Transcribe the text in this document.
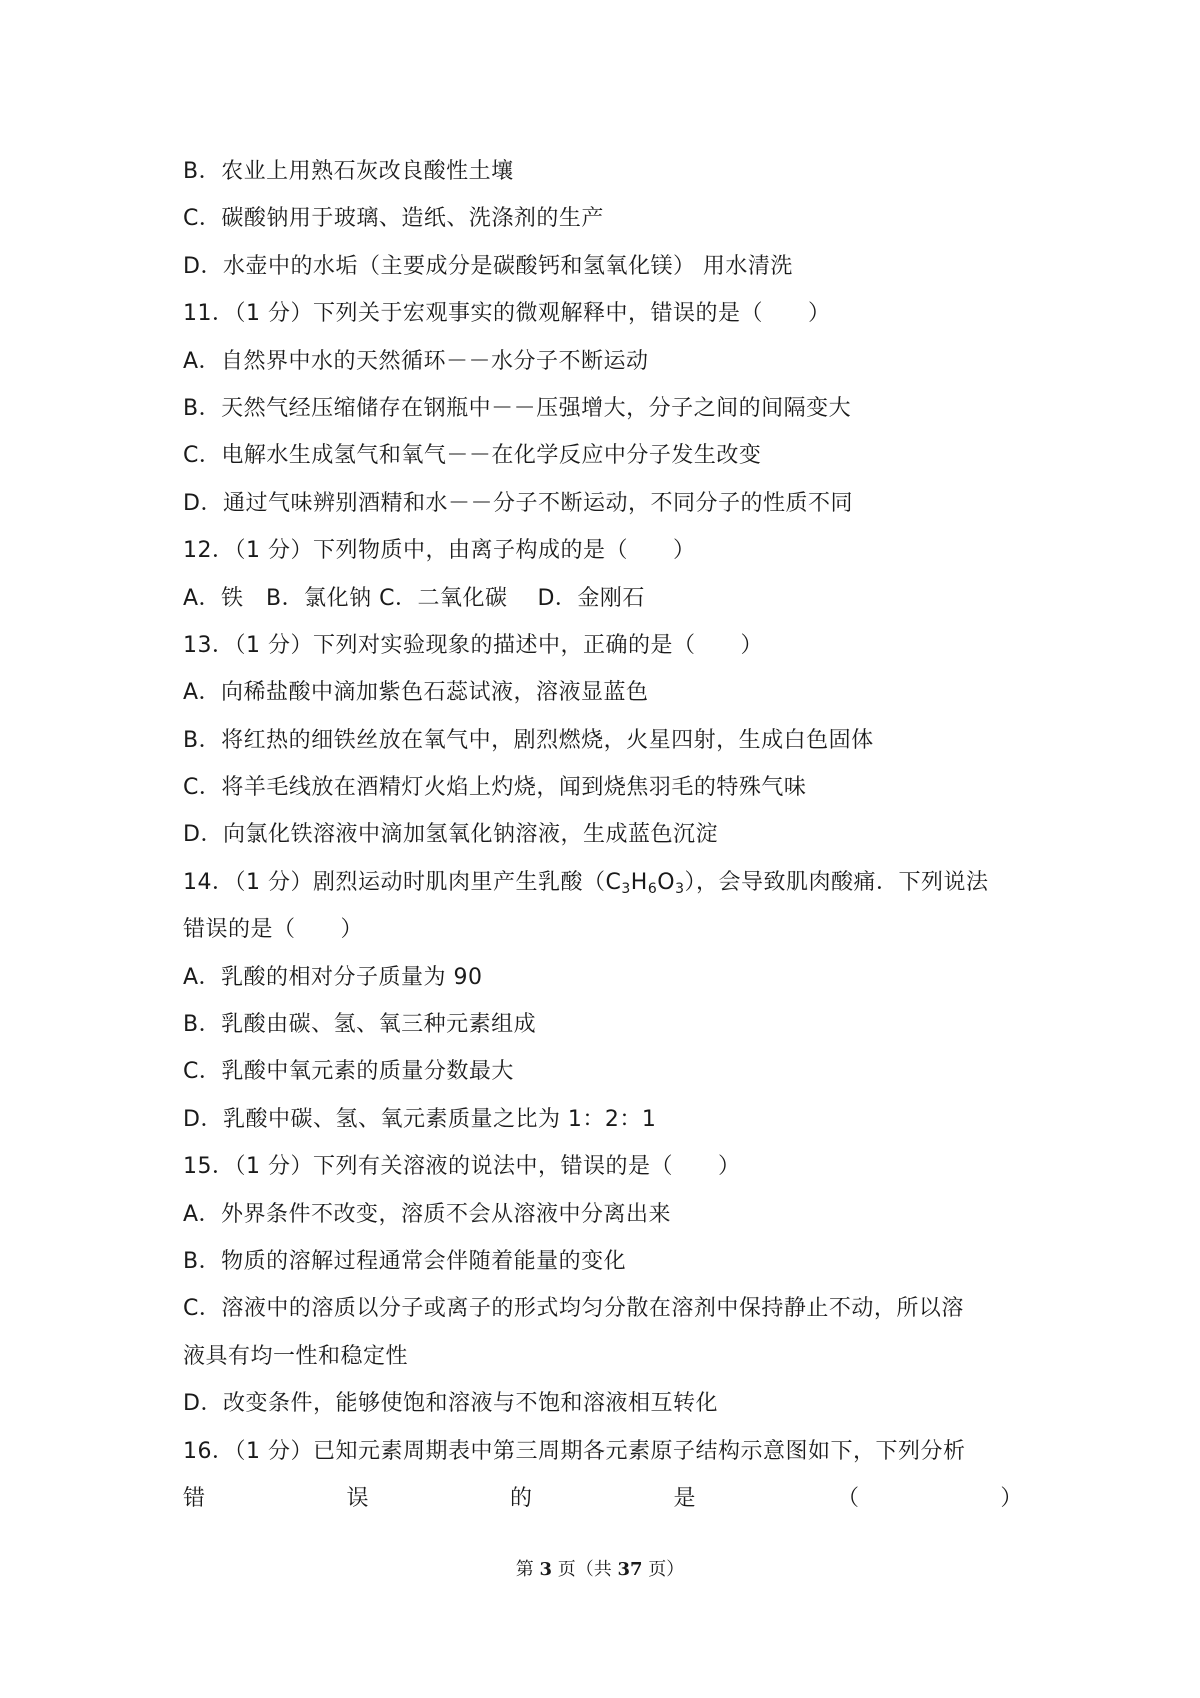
B．农业上用熟石灰改良酸性土壤
C．碳酸钠用于玻璃、造纸、洗涤剂的生产
D．水壶中的水垢（主要成分是碳酸钙和氢氧化镁） 用水清洗
11．（1 分）下列关于宏观事实的微观解释中，错误的是（　　）
A．自然界中水的天然循环－－水分子不断运动
B．天然气经压缩储存在钢瓶中－－压强增大，分子之间的间隔变大
C．电解水生成氢气和氧气－－在化学反应中分子发生改变
D．通过气味辨别酒精和水－－分子不断运动，不同分子的性质不同
12．（1 分）下列物质中，由离子构成的是（　　）
A．铁　B．氯化钠 C．二氧化碳　 D．金刚石
13．（1 分）下列对实验现象的描述中，正确的是（　　）
A．向稀盐酸中滴加紫色石蕊试液，溶液显蓝色
B．将红热的细铁丝放在氧气中，剧烈燃烧，火星四射，生成白色固体
C．将羊毛线放在酒精灯火焰上灼烧，闻到烧焦羽毛的特殊气味
D．向氯化铁溶液中滴加氢氧化钠溶液，生成蓝色沉淀
14．（1 分）剧烈运动时肌肉里产生乳酸$(C_3H_6O_3)$，会导致肌肉酸痛．下列说法
错误的是（　　）
A．乳酸的相对分子质量为 90
B．乳酸由碳、氢、氧三种元素组成
C．乳酸中氧元素的质量分数最大
D．乳酸中碳、氢、氧元素质量之比为 1：2：1
15．（1 分）下列有关溶液的说法中，错误的是（　　）
A．外界条件不改变，溶质不会从溶液中分离出来
B．物质的溶解过程通常会伴随着能量的变化
C．溶液中的溶质以分子或离子的形式均匀分散在溶剂中保持静止不动，所以溶
液具有均一性和稳定性
D．改变条件，能够使饱和溶液与不饱和溶液相互转化
16．（1 分）已知元素周期表中第三周期各元素原子结构示意图如下，下列分析
错	误	的	是	（	）
第 3 页（共 37 页）
